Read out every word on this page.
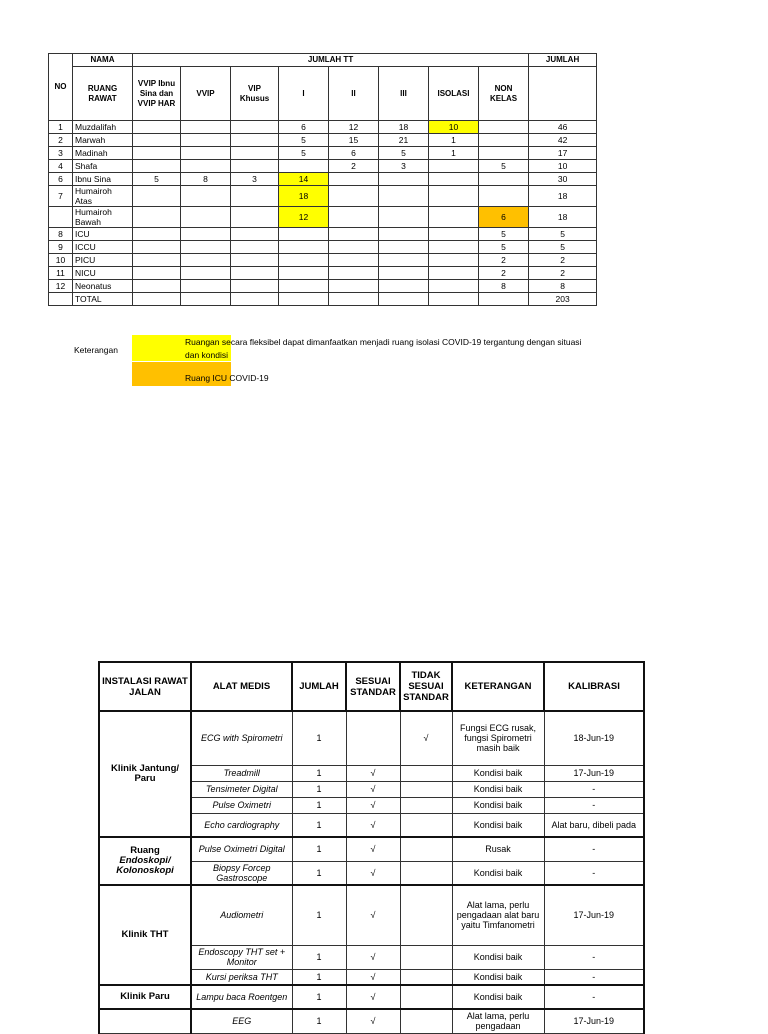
NO	NAMA	JUMLAH TT								JUMLAH
	RUANG RAWAT	VVIP Ibnu Sina dan VVIP HAR	VVIP	VIP Khusus	I	II	III	ISOLASI	NON KELAS	
1	Muzdalifah				6	12	18	10		46
2	Marwah				5	15	21	1		42
3	Madinah				5	6	5	1		17
4	Shafa					2	3		5	10
6	Ibnu Sina	5	8	3	14					30
7	Humairoh Atas				18					18
	Humairoh Bawah				12				6	18
8	ICU								5	5
9	ICCU								5	5
10	PICU								2	2
11	NICU								2	2
12	Neonatus								8	8
	TOTAL									203
Keterangan
Ruangan secara fleksibel dapat dimanfaatkan menjadi ruang isolasi COVID-19 tergantung dengan situasi dan kondisi
Ruang ICU COVID-19
INSTALASI RAWAT JALAN	ALAT MEDIS	JUMLAH	SESUAI STANDAR	TIDAK SESUAI STANDAR	KETERANGAN	KALIBRASI
Klinik Jantung/ Paru	ECG with Spirometri	1		√	Fungsi ECG rusak, fungsi Spirometri masih baik	18-Jun-19
	Treadmill	1	√		Kondisi baik	17-Jun-19
	Tensimeter Digital	1	√		Kondisi baik	-
	Pulse Oximetri	1	√		Kondisi baik	-
	Echo cardiography	1	√		Kondisi baik	Alat baru, dibeli pada

Ruang
Endoskopi/ Kolonoskopi	Pulse Oximetri Digital	1	√		Rusak	-
	Biopsy Forcep Gastroscope	1	√		Kondisi baik	-
Klinik THT	Audiometri	1	√		Alat lama, perlu pengadaan alat baru yaitu Timfanometri	17-Jun-19
	Endoscopy THT set + Monitor	1	√		Kondisi baik	-
	Kursi periksa THT	1	√		Kondisi baik	-
Klinik Paru	Lampu baca Roentgen	1	√		Kondisi baik	-
	EEG	1	√		Alat lama, perlu pengadaan	17-Jun-19
